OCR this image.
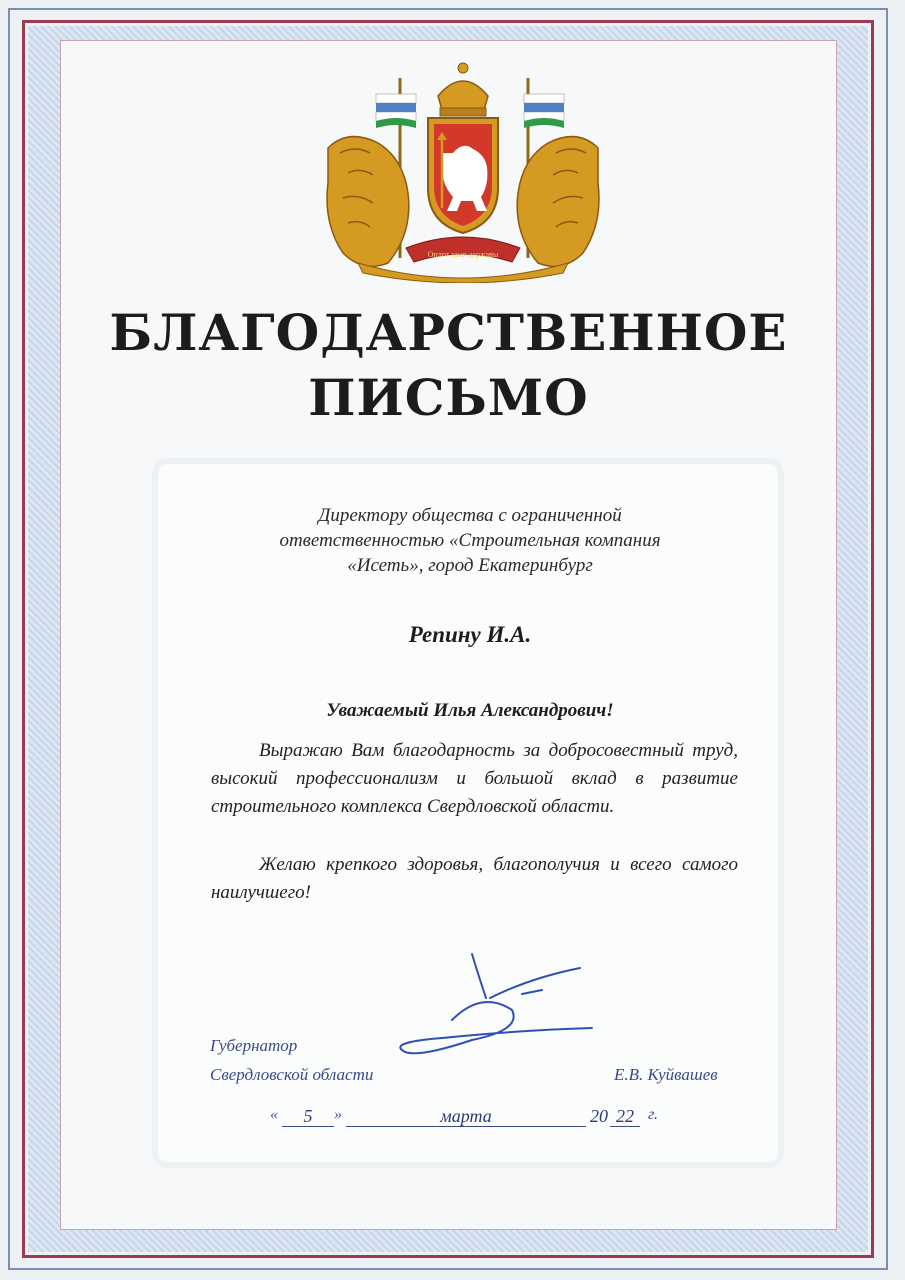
Оплот края державы
БЛАГОДАРСТВЕННОЕ
ПИСЬМО
Директору общества с ограниченной
ответственностью «Строительная компания
«Исеть», город Екатеринбург
Репину И.А.
Уважаемый Илья Александрович!

Выражаю Вам благодарность за добросовестный труд, высокий профессионализм и большой вклад в развитие строительного комплекса Свердловской области.

Желаю крепкого здоровья, благополучия и всего самого наилучшего!

Губернатор
Свердловской области	Е.В. Куйвашев
«	5	»	марта	20 22 г.
